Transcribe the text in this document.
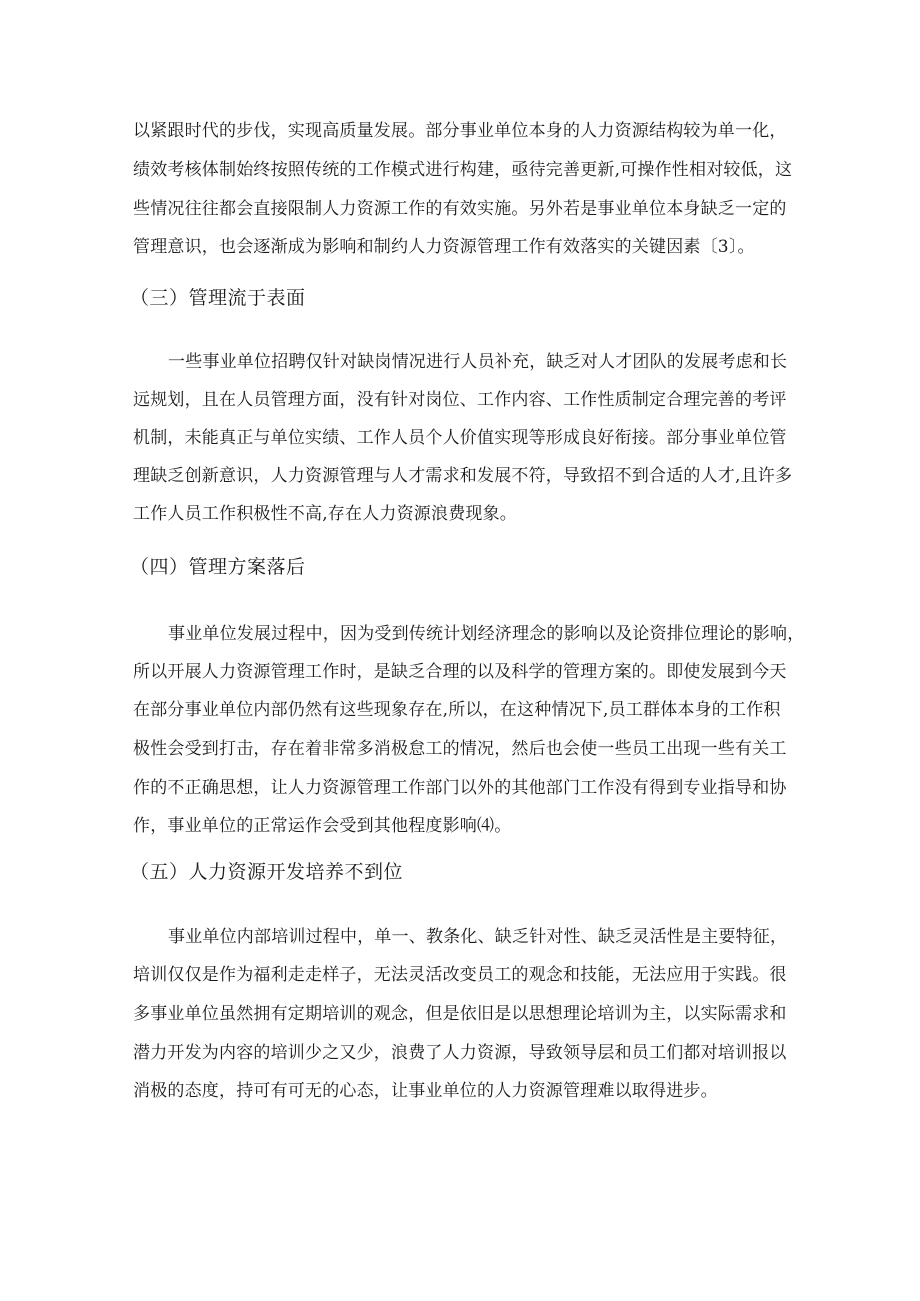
以紧跟时代的步伐，实现高质量发展。部分事业单位本身的人力资源结构较为单一化，
绩效考核体制始终按照传统的工作模式进行构建，亟待完善更新,可操作性相对较低，这
些情况往往都会直接限制人力资源工作的有效实施。另外若是事业单位本身缺乏一定的
管理意识，也会逐渐成为影响和制约人力资源管理工作有效落实的关键因素〔3〕。
（三）管理流于表面
一些事业单位招聘仅针对缺岗情况进行人员补充，缺乏对人才团队的发展考虑和长
远规划，且在人员管理方面，没有针对岗位、工作内容、工作性质制定合理完善的考评
机制，未能真正与单位实绩、工作人员个人价值实现等形成良好衔接。部分事业单位管
理缺乏创新意识，人力资源管理与人才需求和发展不符，导致招不到合适的人才,且许多
工作人员工作积极性不高,存在人力资源浪费现象。
（四）管理方案落后
事业单位发展过程中，因为受到传统计划经济理念的影响以及论资排位理论的影响，
所以开展人力资源管理工作时，是缺乏合理的以及科学的管理方案的。即使发展到今天
在部分事业单位内部仍然有这些现象存在,所以，在这种情况下,员工群体本身的工作积
极性会受到打击，存在着非常多消极怠工的情况，然后也会使一些员工出现一些有关工
作的不正确思想，让人力资源管理工作部门以外的其他部门工作没有得到专业指导和协
作，事业单位的正常运作会受到其他程度影响⑷。
（五）人力资源开发培养不到位
事业单位内部培训过程中，单一、教条化、缺乏针对性、缺乏灵活性是主要特征，
培训仅仅是作为福利走走样子，无法灵活改变员工的观念和技能，无法应用于实践。很
多事业单位虽然拥有定期培训的观念，但是依旧是以思想理论培训为主，以实际需求和
潜力开发为内容的培训少之又少，浪费了人力资源，导致领导层和员工们都对培训报以
消极的态度，持可有可无的心态，让事业单位的人力资源管理难以取得进步。
